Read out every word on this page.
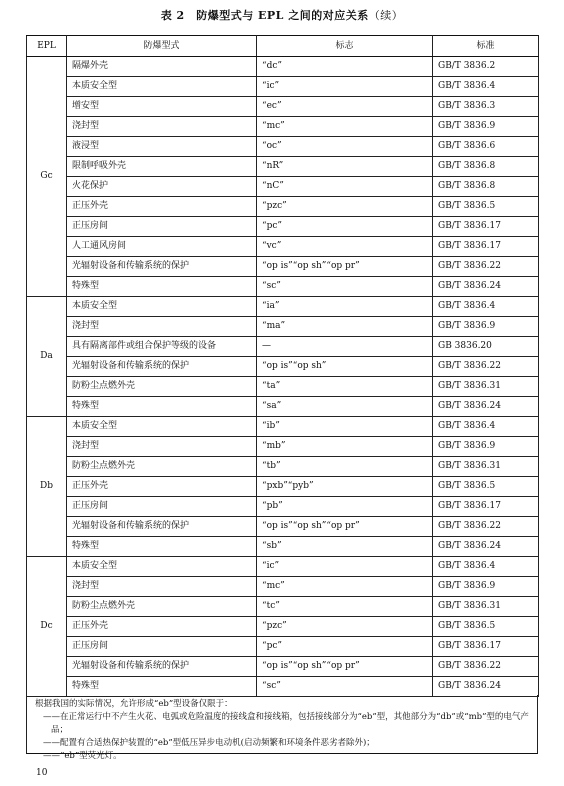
表 2　防爆型式与 EPL 之间的对应关系（续）
EPL	防爆型式	标志	标准
Gc	隔爆外壳	“dc”	GB/T 3836.2
	本质安全型	“ic”	GB/T 3836.4
	增安型	“ec”	GB/T 3836.3
	浇封型	“mc”	GB/T 3836.9
	液浸型	“oc”	GB/T 3836.6
	限制呼吸外壳	“nR”	GB/T 3836.8
	火花保护	“nC”	GB/T 3836.8
	正压外壳	“pzc”	GB/T 3836.5
	正压房间	“pc”	GB/T 3836.17
	人工通风房间	“vc”	GB/T 3836.17
	光辐射设备和传输系统的保护	“op is”“op sh”“op pr”	GB/T 3836.22
	特殊型	“sc”	GB/T 3836.24
Da	本质安全型	“ia”	GB/T 3836.4
	浇封型	“ma”	GB/T 3836.9
	具有隔离部件或组合保护等级的设备	—	GB 3836.20
	光辐射设备和传输系统的保护	“op is”“op sh”	GB/T 3836.22
	防粉尘点燃外壳	“ta”	GB/T 3836.31
	特殊型	“sa”	GB/T 3836.24
Db	本质安全型	“ib”	GB/T 3836.4
	浇封型	“mb”	GB/T 3836.9
	防粉尘点燃外壳	“tb”	GB/T 3836.31
	正压外壳	“pxb”“pyb”	GB/T 3836.5
	正压房间	“pb”	GB/T 3836.17
	光辐射设备和传输系统的保护	“op is”“op sh”“op pr”	GB/T 3836.22
	特殊型	“sb”	GB/T 3836.24
Dc	本质安全型	“ic”	GB/T 3836.4
	浇封型	“mc”	GB/T 3836.9
	防粉尘点燃外壳	“tc”	GB/T 3836.31
	正压外壳	“pzc”	GB/T 3836.5
	正压房间	“pc”	GB/T 3836.17
	光辐射设备和传输系统的保护	“op is”“op sh”“op pr”	GB/T 3836.22
	特殊型	“sc”	GB/T 3836.24
根据我国的实际情况，允许形成“eb”型设备仅限于：
——在正常运行中不产生火花、电弧或危险温度的接线盒和接线箱，包括接线部分为“eb”型，其他部分为“db”或“mb”型的电气产品；
——配置有合适热保护装置的“eb”型低压异步电动机(启动频繁和环境条件恶劣者除外)；
——“eb”型荧光灯。
10
